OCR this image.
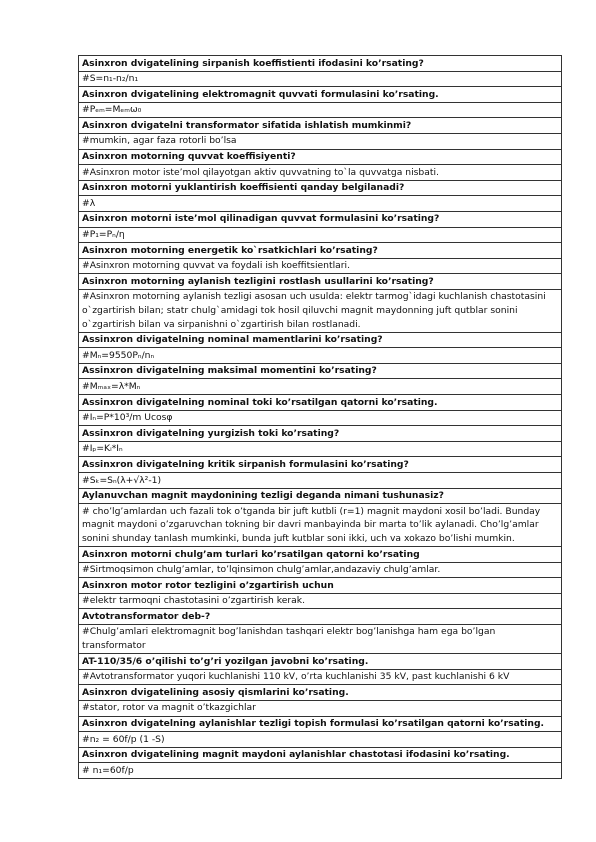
Asinxron dvigatelining sirpanish koeffistienti ifodasini ko’rsating?
#S=n₁-n₂/n₁
Asinxron dvigatelining elektromagnit quvvati formulasini ko’rsating.
#Pₑₘ=Mₑₘω₀
Asinxron dvigatelni transformator sifatida ishlatish mumkinmi?
#mumkin, agar faza rotorli bo’lsa
Asinxron motorning quvvat koeffisiyenti?
#Asinxron motor iste’mol qilayotgan aktiv quvvatning to`la quvvatga nisbati.
Asinxron motorni yuklantirish koeffisienti qanday belgilanadi?
#λ
Asinxron motorni iste’mol qilinadigan quvvat formulasini ko’rsating?
#P₁=Pₙ/η
Asinxron motorning energetik ko`rsatkichlari ko’rsating?
#Asinxron motorning quvvat va foydali ish koeffitsientlari.
Asinxron motorning aylanish tezligini rostlash usullarini ko’rsating?
#Asinxron motorning aylanish tezligi asosan uch usulda: elektr tarmog`idagi kuchlanish chastotasini o`zgartirish bilan; statr chulg`amidagi tok hosil qiluvchi magnit maydonning juft qutblar sonini o`zgartirish bilan va sirpanishni o`zgartirish bilan rostlanadi.
Assinxron divigatelning nominal mamentlarini ko’rsating?
#Mₙ=9550Pₙ/nₙ
Assinxron divigatelning maksimal momentini ko’rsating?
#Mₘₐₓ=λ*Mₙ
Assinxron divigatelning nominal toki ko’rsatilgan qatorni ko’rsating.
#Iₙ=P*10³/m Ucosφ
Assinxron divigatelning yurgizish toki ko’rsating?
#Iₚ=Kᵢ*Iₙ
Assinxron divigatelning kritik sirpanish formulasini ko’rsating?
#Sₖ=Sₙ(λ+√λ²-1)
Aylanuvchan magnit maydonining tezligi deganda nimani tushunasiz?
# cho’lg’amlardan uch fazali tok o’tganda bir juft kutbli (r=1) magnit maydoni xosil bo’ladi. Bunday magnit maydoni o’zgaruvchan tokning bir davri manbayinda bir marta to’lik aylanadi. Cho’lg’amlar sonini shunday tanlash mumkinki, bunda juft kutblar soni ikki, uch va xokazo bo’lishi mumkin.
Asinxron motorni chulg’am turlari ko’rsatilgan qatorni ko’rsating
#Sirtmoqsimon chulg’amlar, to’lqinsimon chulg’amlar,andazaviy chulg’amlar.
Asinxron motor rotor tezligini o’zgartirish uchun
#elektr tarmoqni chastotasini o’zgartirish kerak.
Avtotransformator deb-?
#Chulg’amlari elektromagnit bog’lanishdan tashqari elektr bog’lanishga ham ega bo’lgan transformator
AT-110/35/6 o’qilishi to’g’ri yozilgan javobni ko’rsating.
#Avtotransformator yuqori kuchlanishi 110 kV, o’rta kuchlanishi 35 kV, past kuchlanishi 6 kV
Asinxron dvigatelining asosiy qismlarini ko’rsating.
#stator, rotor va magnit o’tkazgichlar
Asinxron dvigatelning aylanishlar tezligi topish formulasi ko’rsatilgan qatorni ko’rsating.
#n₂ = 60f/p (1 -S)
Asinxron dvigatelining magnit maydoni aylanishlar chastotasi ifodasini ko’rsating.
# n₁=60f/p
